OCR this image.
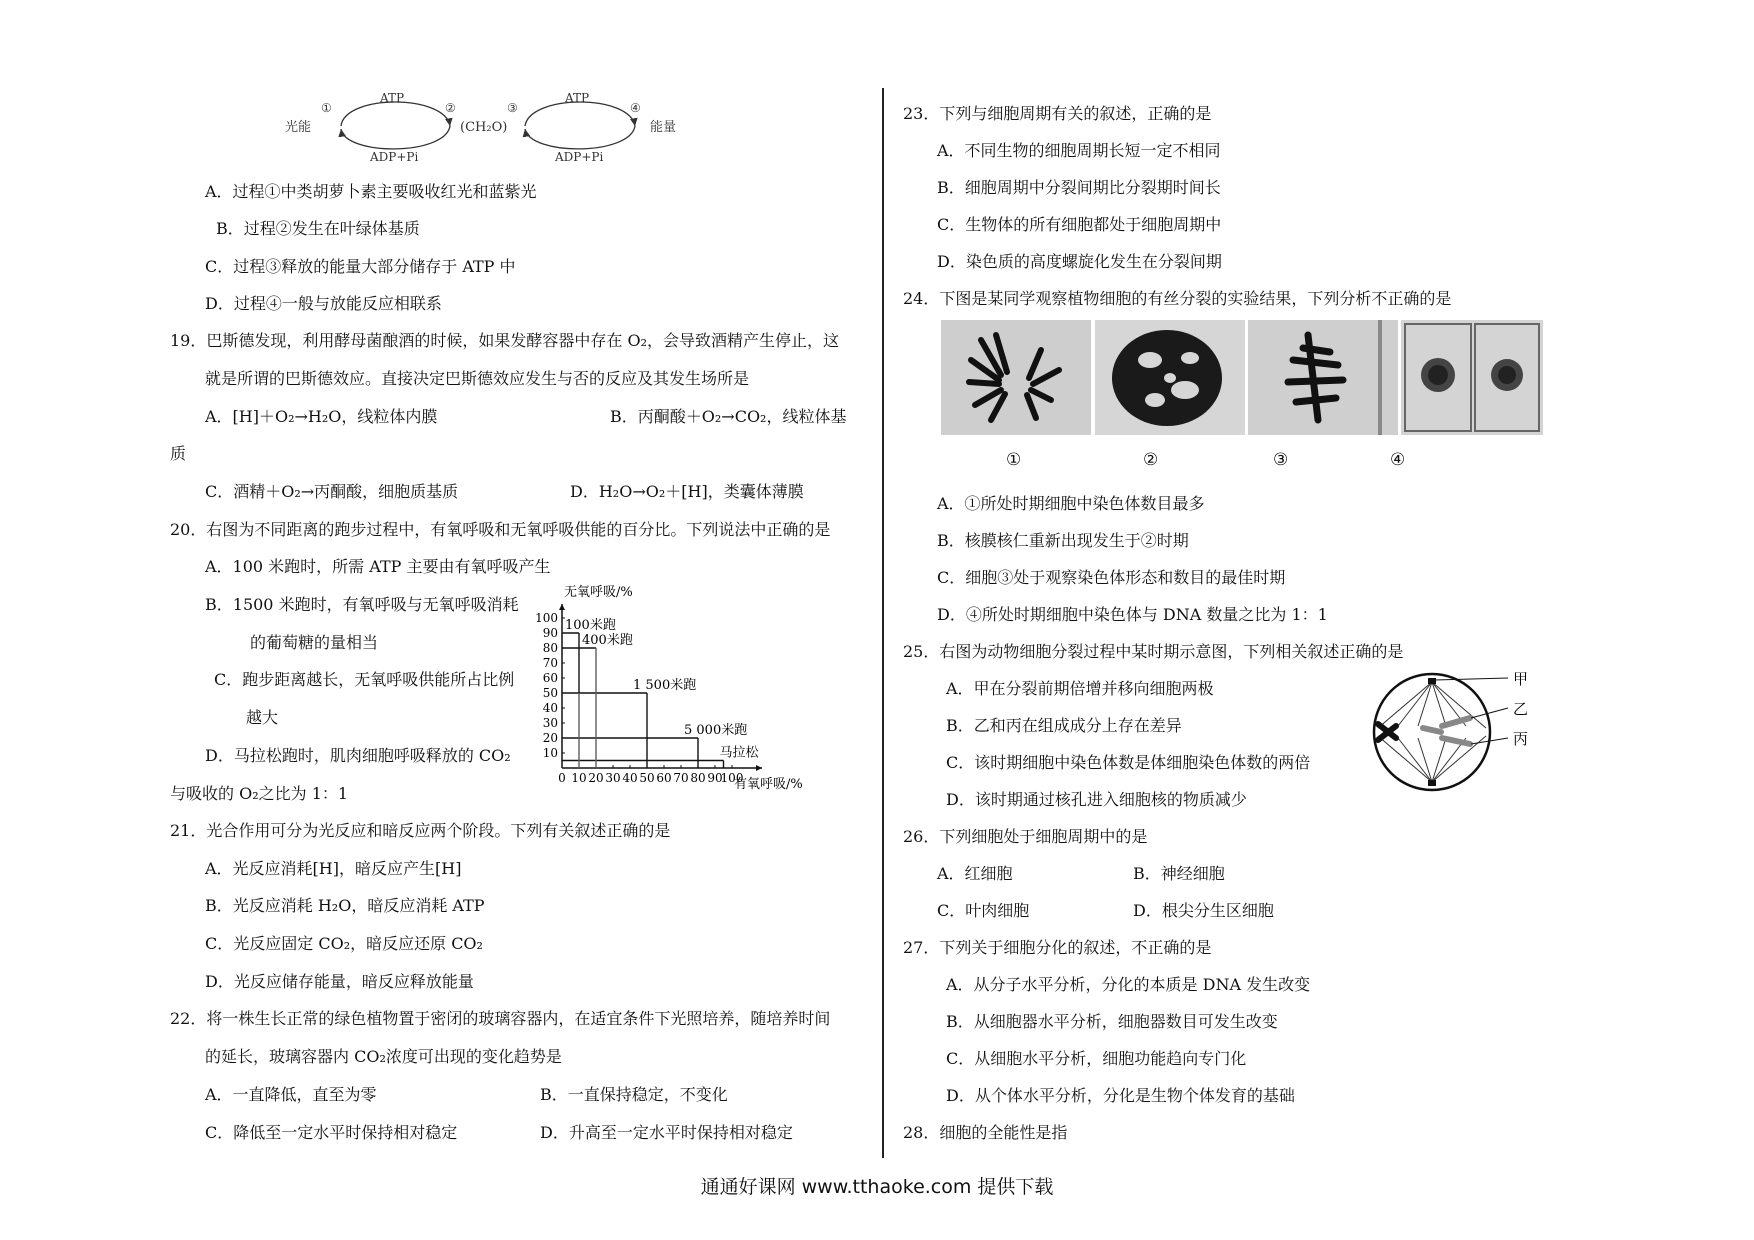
光能
ATP
ADP+Pi
①	②
(CH₂O)
③
ATP
ADP+Pi
④
能量
A．过程①中类胡萝卜素主要吸收红光和蓝紫光
B．过程②发生在叶绿体基质
C．过程③释放的能量大部分储存于 ATP 中
D．过程④一般与放能反应相联系
19．巴斯德发现，利用酵母菌酿酒的时候，如果发酵容器中存在 O₂，会导致酒精产生停止，这
就是所谓的巴斯德效应。直接决定巴斯德效应发生与否的反应及其发生场所是
A．[H]＋O₂→H₂O，线粒体内膜	B．丙酮酸＋O₂→CO₂，线粒体基
质
C．酒精＋O₂→丙酮酸，细胞质基质	D．H₂O→O₂＋[H]，类囊体薄膜
20．右图为不同距离的跑步过程中，有氧呼吸和无氧呼吸供能的百分比。下列说法中正确的是
A．100 米跑时，所需 ATP 主要由有氧呼吸产生
B．1500 米跑时，有氧呼吸与无氧呼吸消耗
的葡萄糖的量相当
C．跑步距离越长，无氧呼吸供能所占比例
越大
D．马拉松跑时，肌肉细胞呼吸释放的 CO₂
与吸收的 O₂之比为 1：1
无氧呼吸/%
有氧呼吸/%
10
20
30
40
50
60
70
80
90
100
0 10 20 30 40 50 60 70 80 90
100
100米跑
400米跑
1 500米跑
5 000米跑
马拉松
21．光合作用可分为光反应和暗反应两个阶段。下列有关叙述正确的是
A．光反应消耗[H]，暗反应产生[H]
B．光反应消耗 H₂O，暗反应消耗 ATP
C．光反应固定 CO₂，暗反应还原 CO₂
D．光反应储存能量，暗反应释放能量
22．将一株生长正常的绿色植物置于密闭的玻璃容器内，在适宜条件下光照培养，随培养时间
的延长，玻璃容器内 CO₂浓度可出现的变化趋势是
A．一直降低，直至为零	B．一直保持稳定，不变化
C．降低至一定水平时保持相对稳定	D．升高至一定水平时保持相对稳定
23．下列与细胞周期有关的叙述，正确的是
A．不同生物的细胞周期长短一定不相同
B．细胞周期中分裂间期比分裂期时间长
C．生物体的所有细胞都处于细胞周期中
D．染色质的高度螺旋化发生在分裂间期
24．下图是某同学观察植物细胞的有丝分裂的实验结果，下列分析不正确的是
①	②	③	④
A．①所处时期细胞中染色体数目最多
B．核膜核仁重新出现发生于②时期
C．细胞③处于观察染色体形态和数目的最佳时期
D．④所处时期细胞中染色体与 DNA 数量之比为 1：1
25．右图为动物细胞分裂过程中某时期示意图，下列相关叙述正确的是
A．甲在分裂前期倍增并移向细胞两极
B．乙和丙在组成成分上存在差异
C．该时期细胞中染色体数是体细胞染色体数的两倍
D．该时期通过核孔进入细胞核的物质减少
甲
乙
丙
26．下列细胞处于细胞周期中的是
A．红细胞	B．神经细胞
C．叶肉细胞	D．根尖分生区细胞
27．下列关于细胞分化的叙述，不正确的是
A．从分子水平分析，分化的本质是 DNA 发生改变
B．从细胞器水平分析，细胞器数目可发生改变
C．从细胞水平分析，细胞功能趋向专门化
D．从个体水平分析，分化是生物个体发育的基础
28．细胞的全能性是指
通通好课网 www.tthaoke.com 提供下载
